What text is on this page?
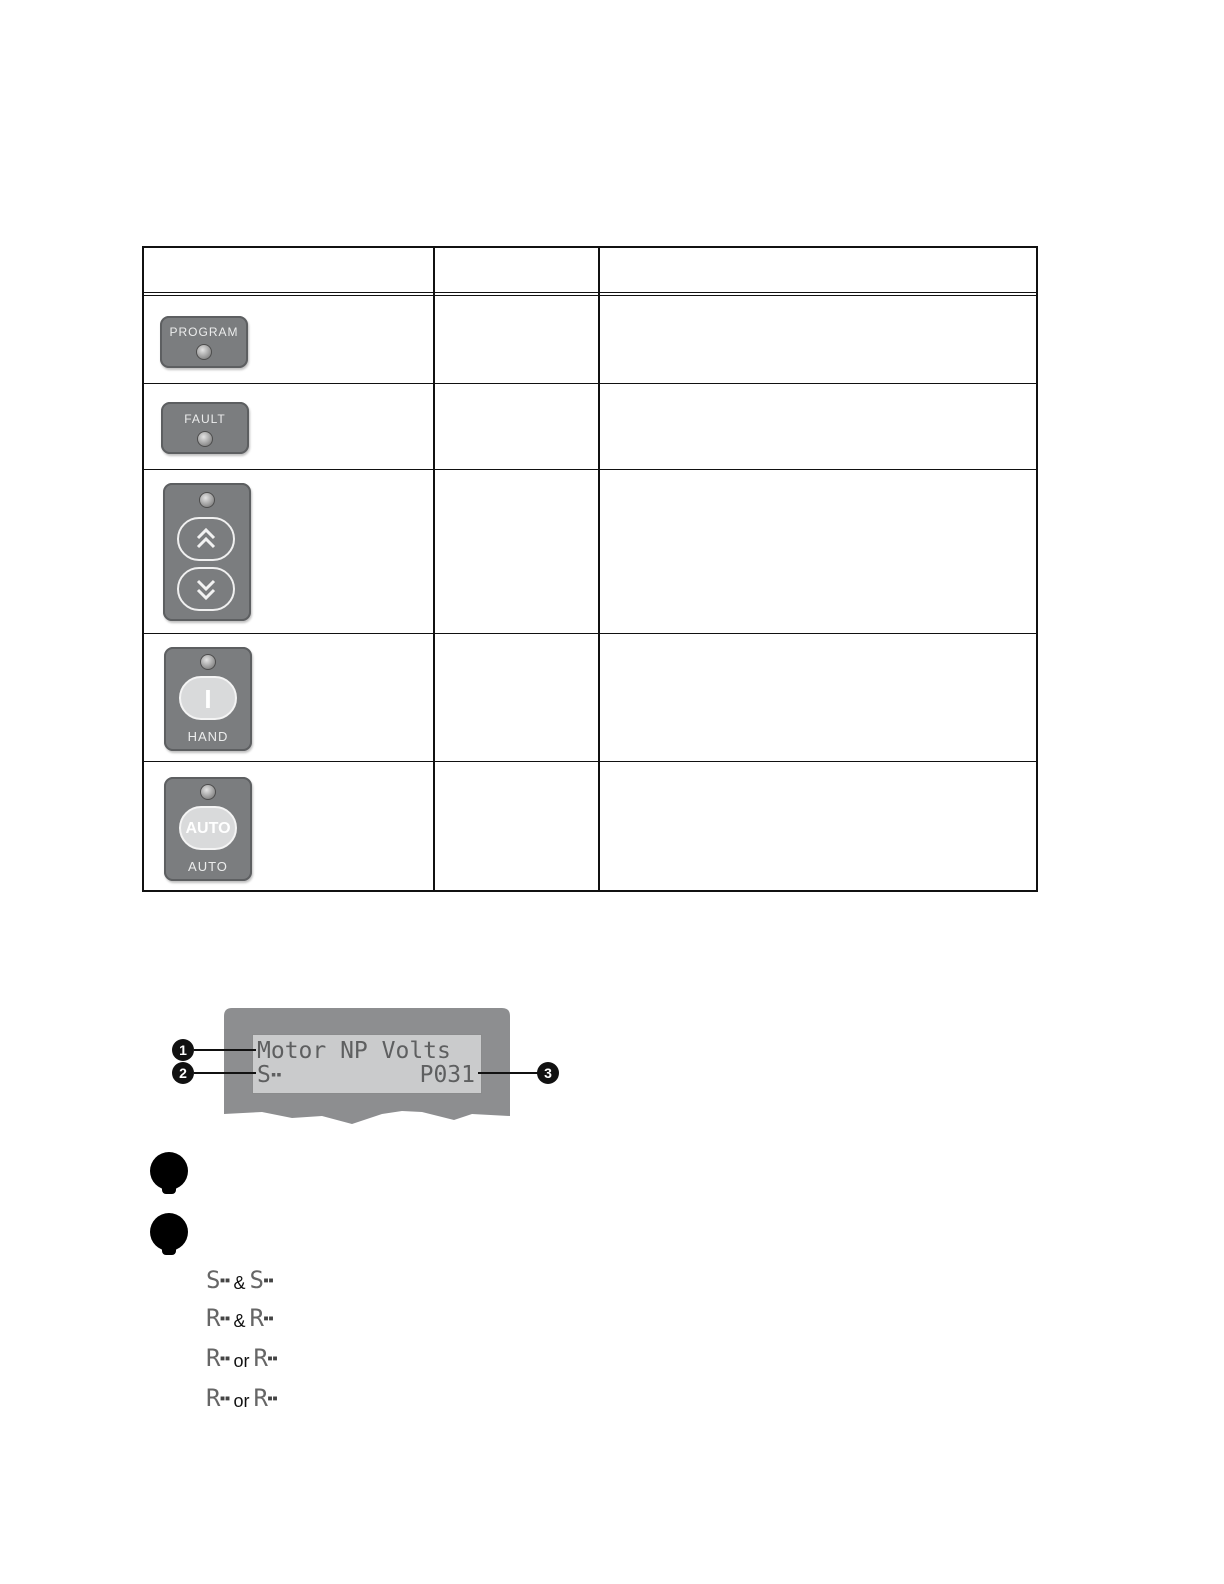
PROGRAM
FAULT
I
HAND
AUTO
AUTO
Motor NP Volts
S▪▪	P031
1
2	3
S▪▪ & S▪▪
R▪▪ & R▪▪
R▪▪ or R▪▪
R▪▪ or R▪▪
